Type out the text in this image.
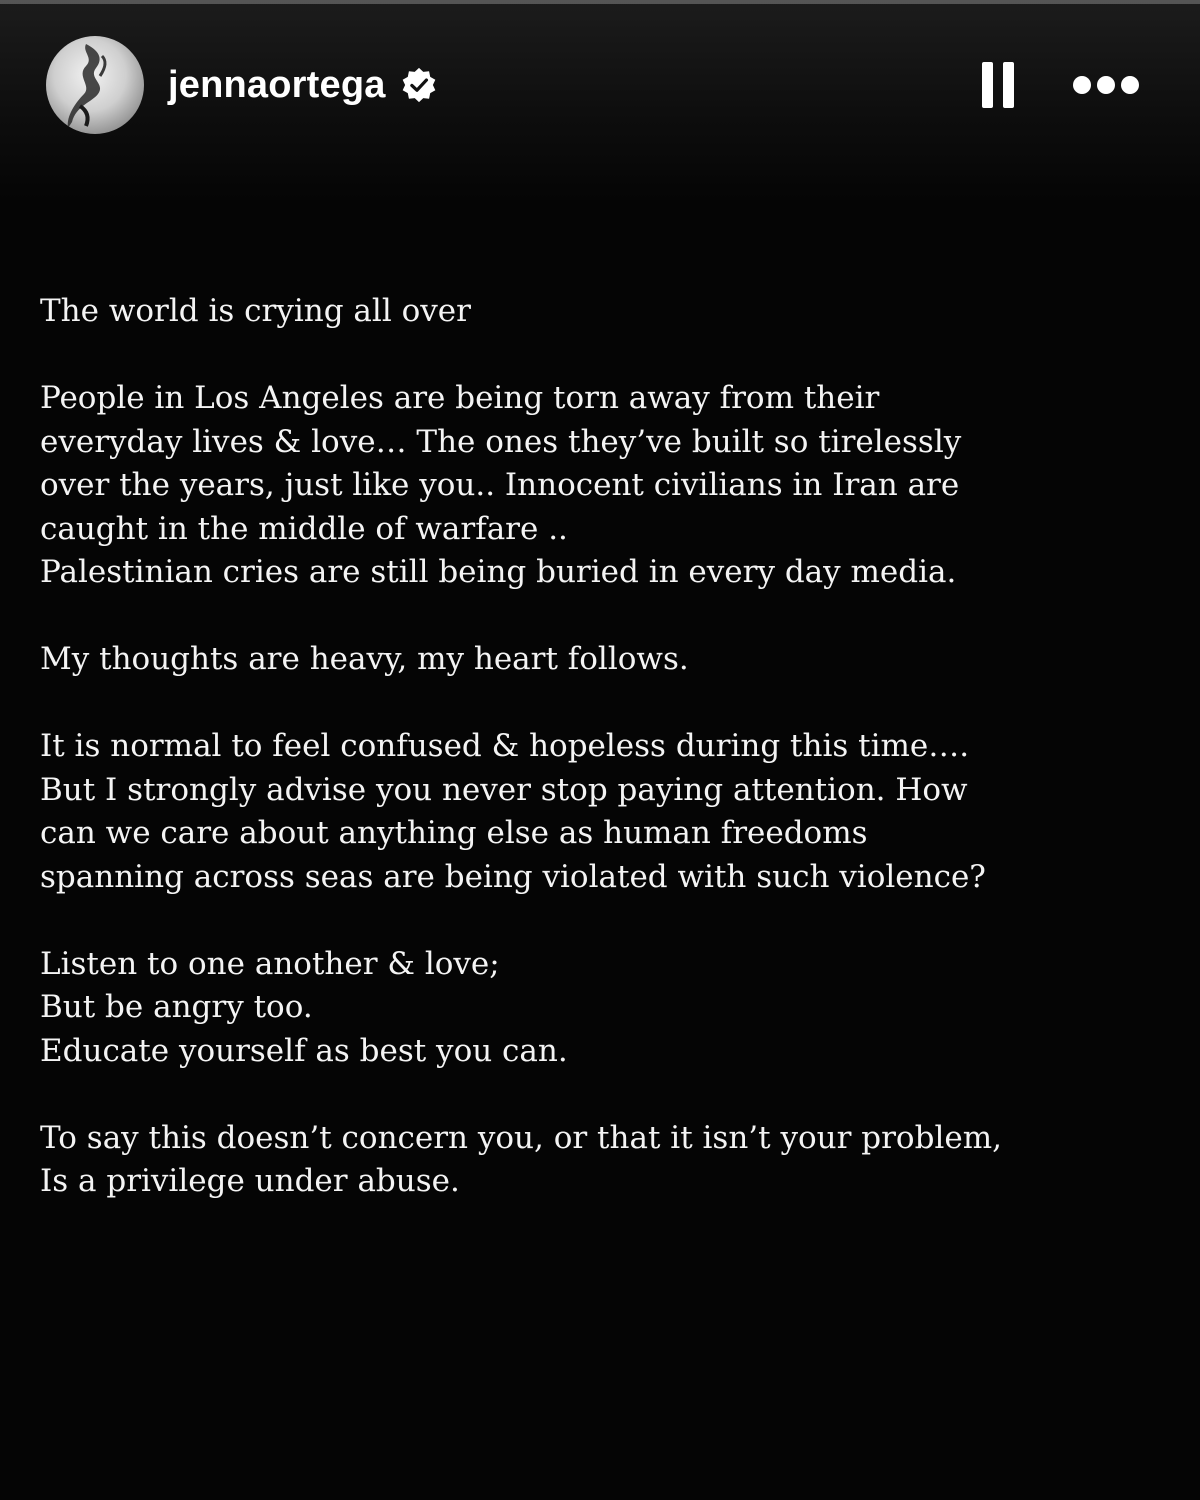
jennaortega
The world is crying all over
People in Los Angeles are being torn away from their
everyday lives & love… The ones they’ve built so tirelessly
over the years, just like you.. Innocent civilians in Iran are
caught in the middle of warfare ..
Palestinian cries are still being buried in every day media.
My thoughts are heavy, my heart follows.
It is normal to feel confused & hopeless during this time….
But I strongly advise you never stop paying attention. How
can we care about anything else as human freedoms
spanning across seas are being violated with such violence?
Listen to one another & love;
But be angry too.
Educate yourself as best you can.
To say this doesn’t concern you, or that it isn’t your problem,
Is a privilege under abuse.
